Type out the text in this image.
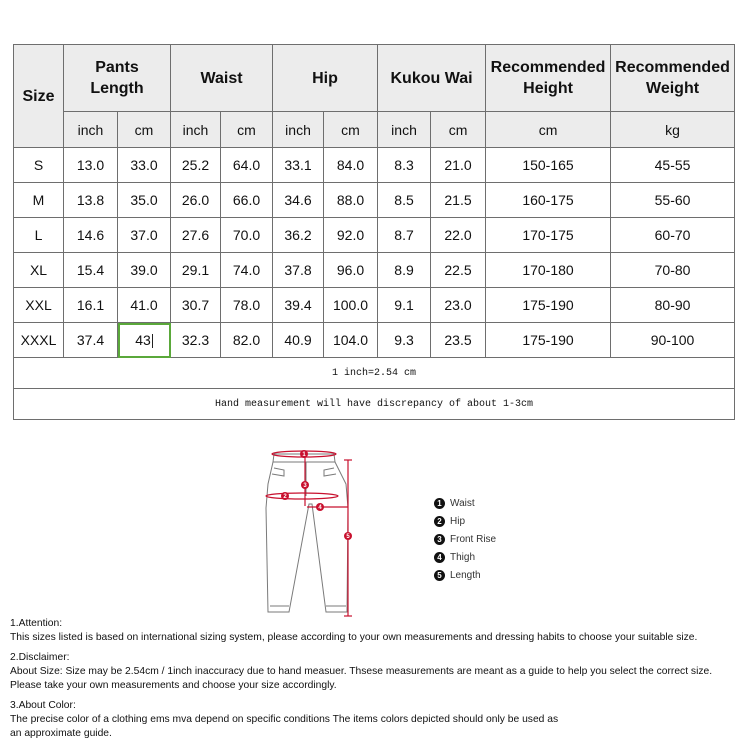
Size	Pants Length		Waist		Hip		Kukou Wai		Recommended Height	Recommended Weight
	inch	cm	inch	cm	inch	cm	inch	cm	cm	kg
S	13.0	33.0	25.2	64.0	33.1	84.0	8.3	21.0	150-165	45-55
M	13.8	35.0	26.0	66.0	34.6	88.0	8.5	21.5	160-175	55-60
L	14.6	37.0	27.6	70.0	36.2	92.0	8.7	22.0	170-175	60-70
XL	15.4	39.0	29.1	74.0	37.8	96.0	8.9	22.5	170-180	70-80
XXL	16.1	41.0	30.7	78.0	39.4	100.0	9.1	23.0	175-190	80-90
XXXL	37.4	43	32.3	82.0	40.9	104.0	9.3	23.5	175-190	90-100
1 inch=2.54 cm										
Hand measurement will have discrepancy of about 1-3cm										
1
2
3
4
5
1 Waist
2 Hip
3 Front Rise
4 Thigh
5 Length

1.Attention:

This sizes listed is based on international sizing system, please according to your own measurements and dressing habits to choose your suitable size.

2.Disclaimer:

About Size: Size may be 2.54cm / 1inch inaccuracy due to hand measuer. Thsese measurements are meant as a guide to help you select the correct size.

Please take your own measurements and choose your size accordingly.

3.About Color:

The precise color of a clothing ems mva depend on specific conditions The items colors depicted should only be used as

an approximate guide.
